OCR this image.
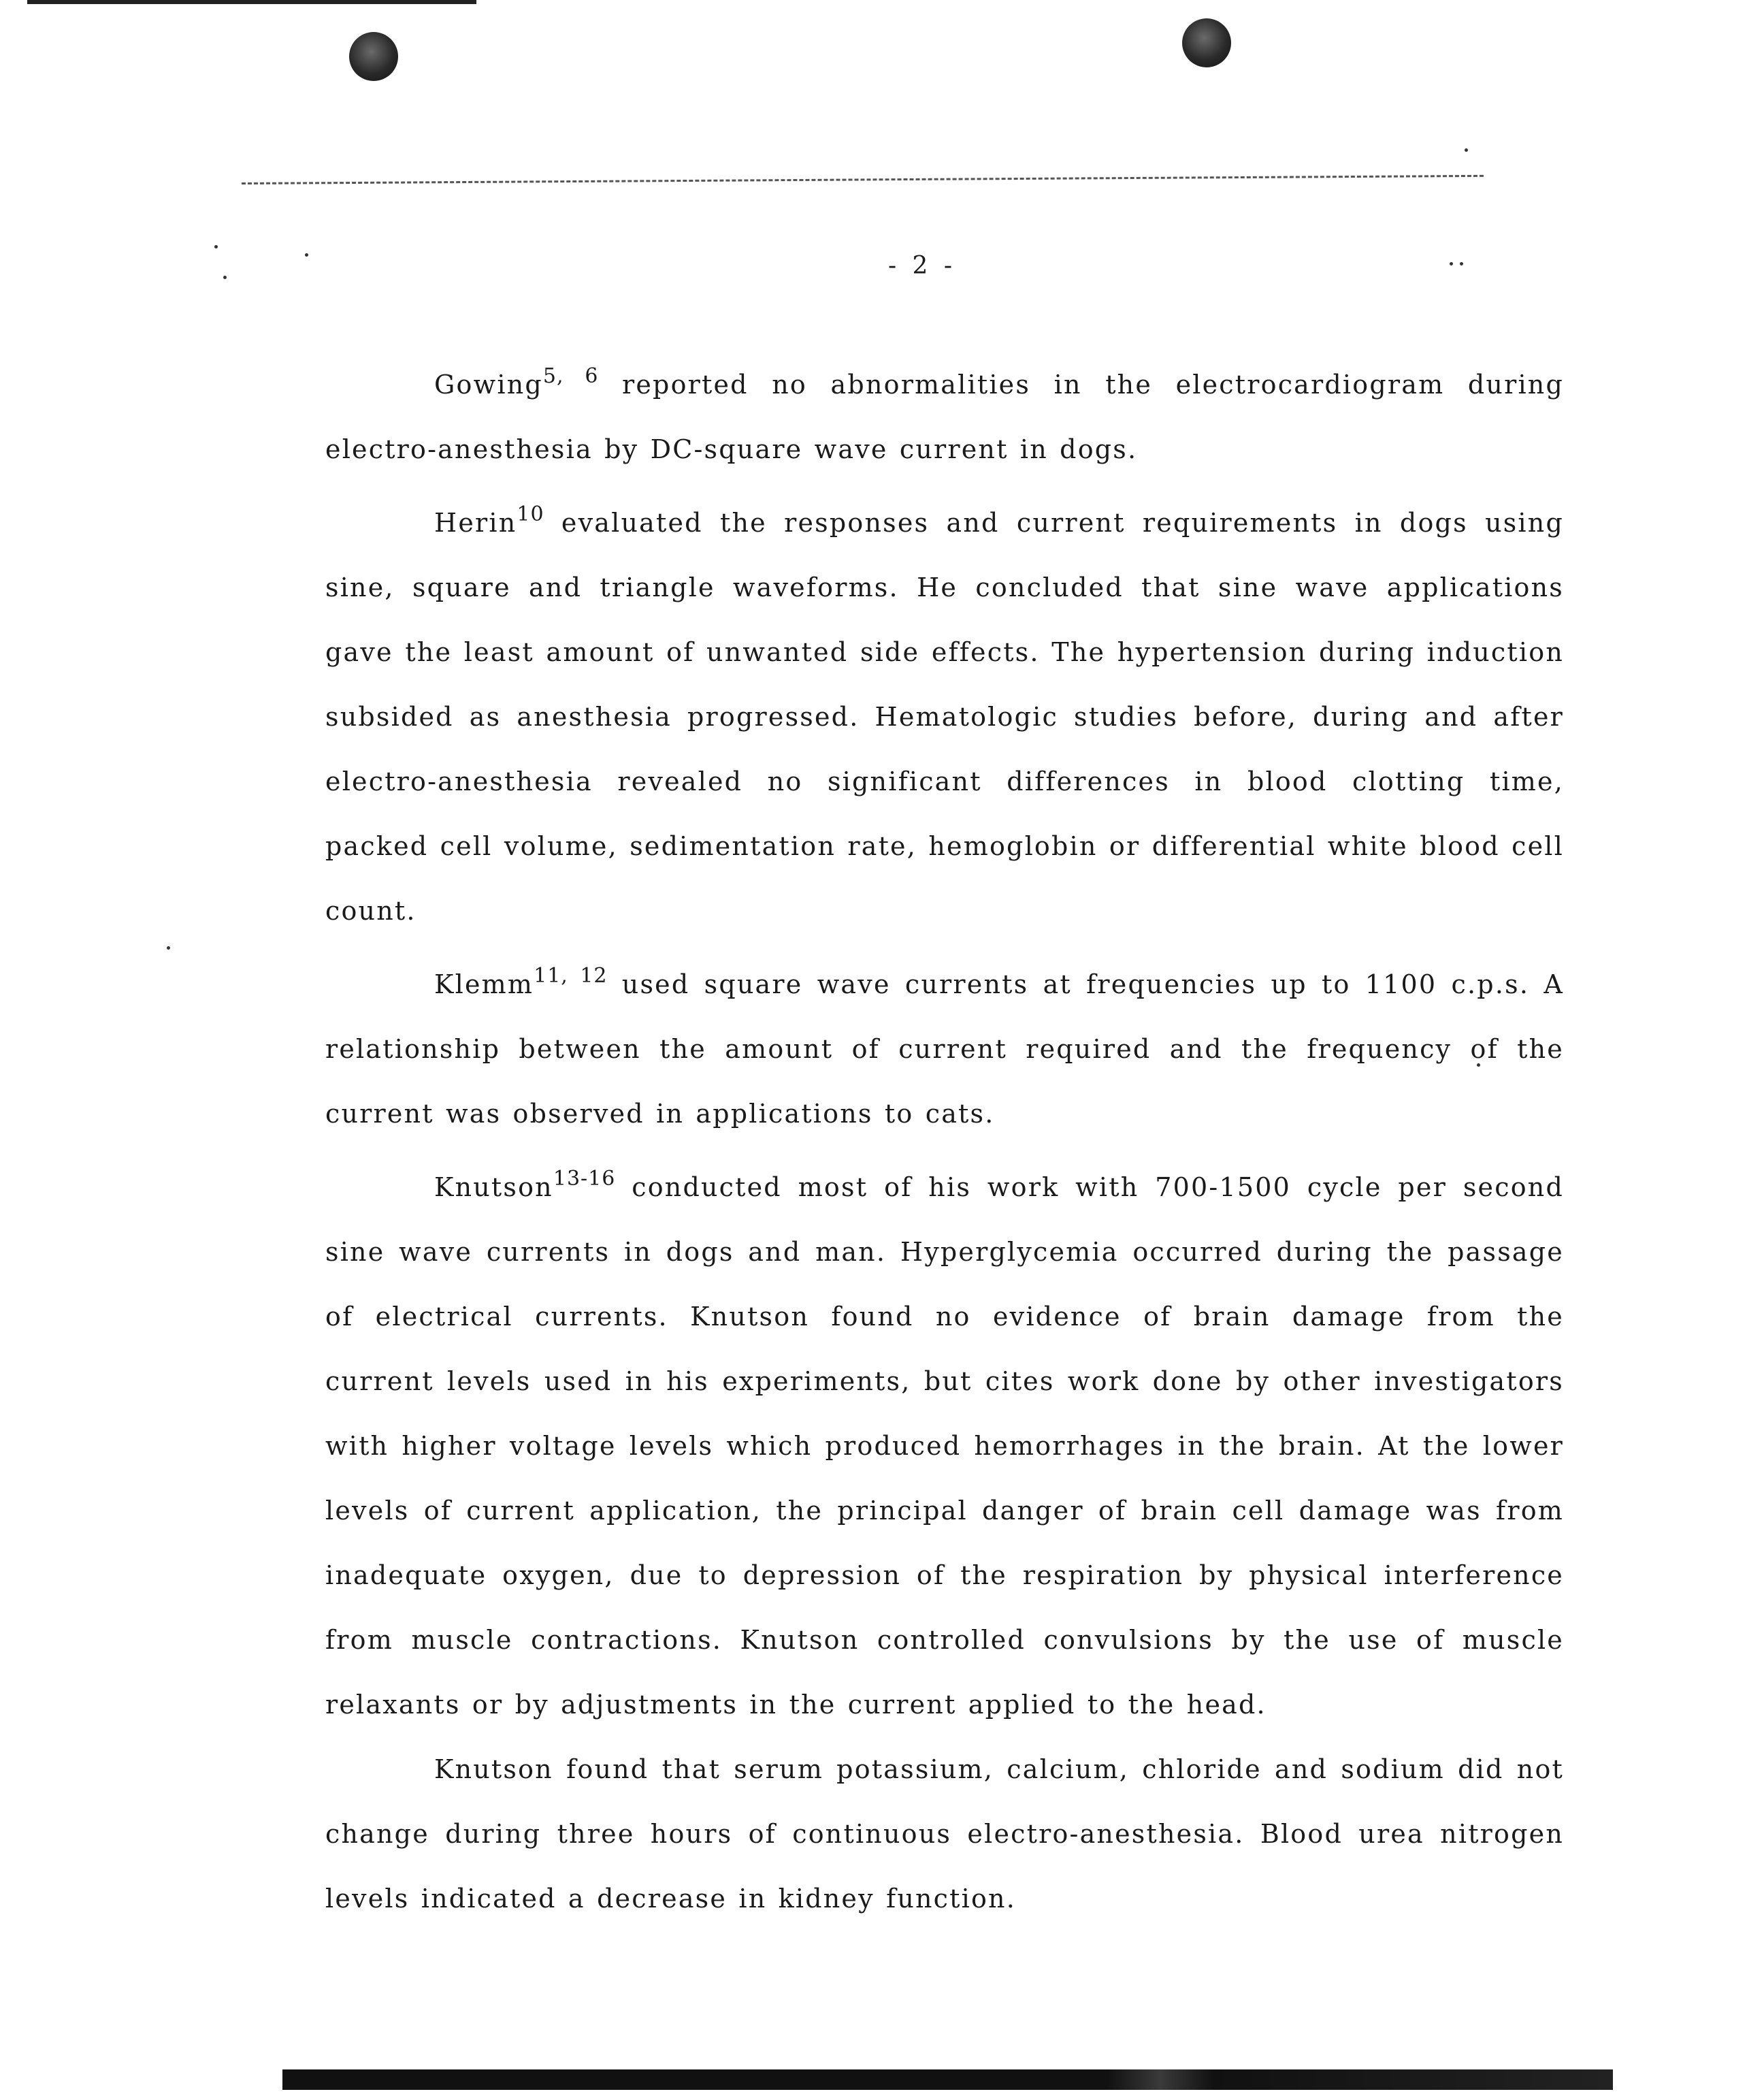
- 2 -

Gowing$^{5, 6}$ reported no abnormalities in the electrocardiogram during electro-anesthesia by DC-square wave current in dogs.

Herin$^{10}$ evaluated the responses and current requirements in dogs using sine, square and triangle waveforms. He concluded that sine wave applications gave the least amount of unwanted side effects. The hypertension during induction subsided as anesthesia progressed. Hematologic studies before, during and after electro-anesthesia revealed no significant differences in blood clotting time, packed cell volume, sedimentation rate, hemoglobin or differential white blood cell count.

Klemm$^{11, 12}$ used square wave currents at frequencies up to 1100 c.p.s. A relationship between the amount of current required and the frequency of the current was observed in applications to cats.

Knutson$^{13-16}$ conducted most of his work with 700-1500 cycle per second sine wave currents in dogs and man. Hyperglycemia occurred during the passage of electrical currents. Knutson found no evidence of brain damage from the current levels used in his experiments, but cites work done by other investigators with higher voltage levels which produced hemorrhages in the brain. At the lower levels of current application, the principal danger of brain cell damage was from inadequate oxygen, due to depression of the respiration by physical interference from muscle contractions. Knutson controlled convulsions by the use of muscle relaxants or by adjustments in the current applied to the head.

Knutson found that serum potassium, calcium, chloride and sodium did not change during three hours of continuous electro-anesthesia. Blood urea nitrogen levels indicated a decrease in kidney function.
